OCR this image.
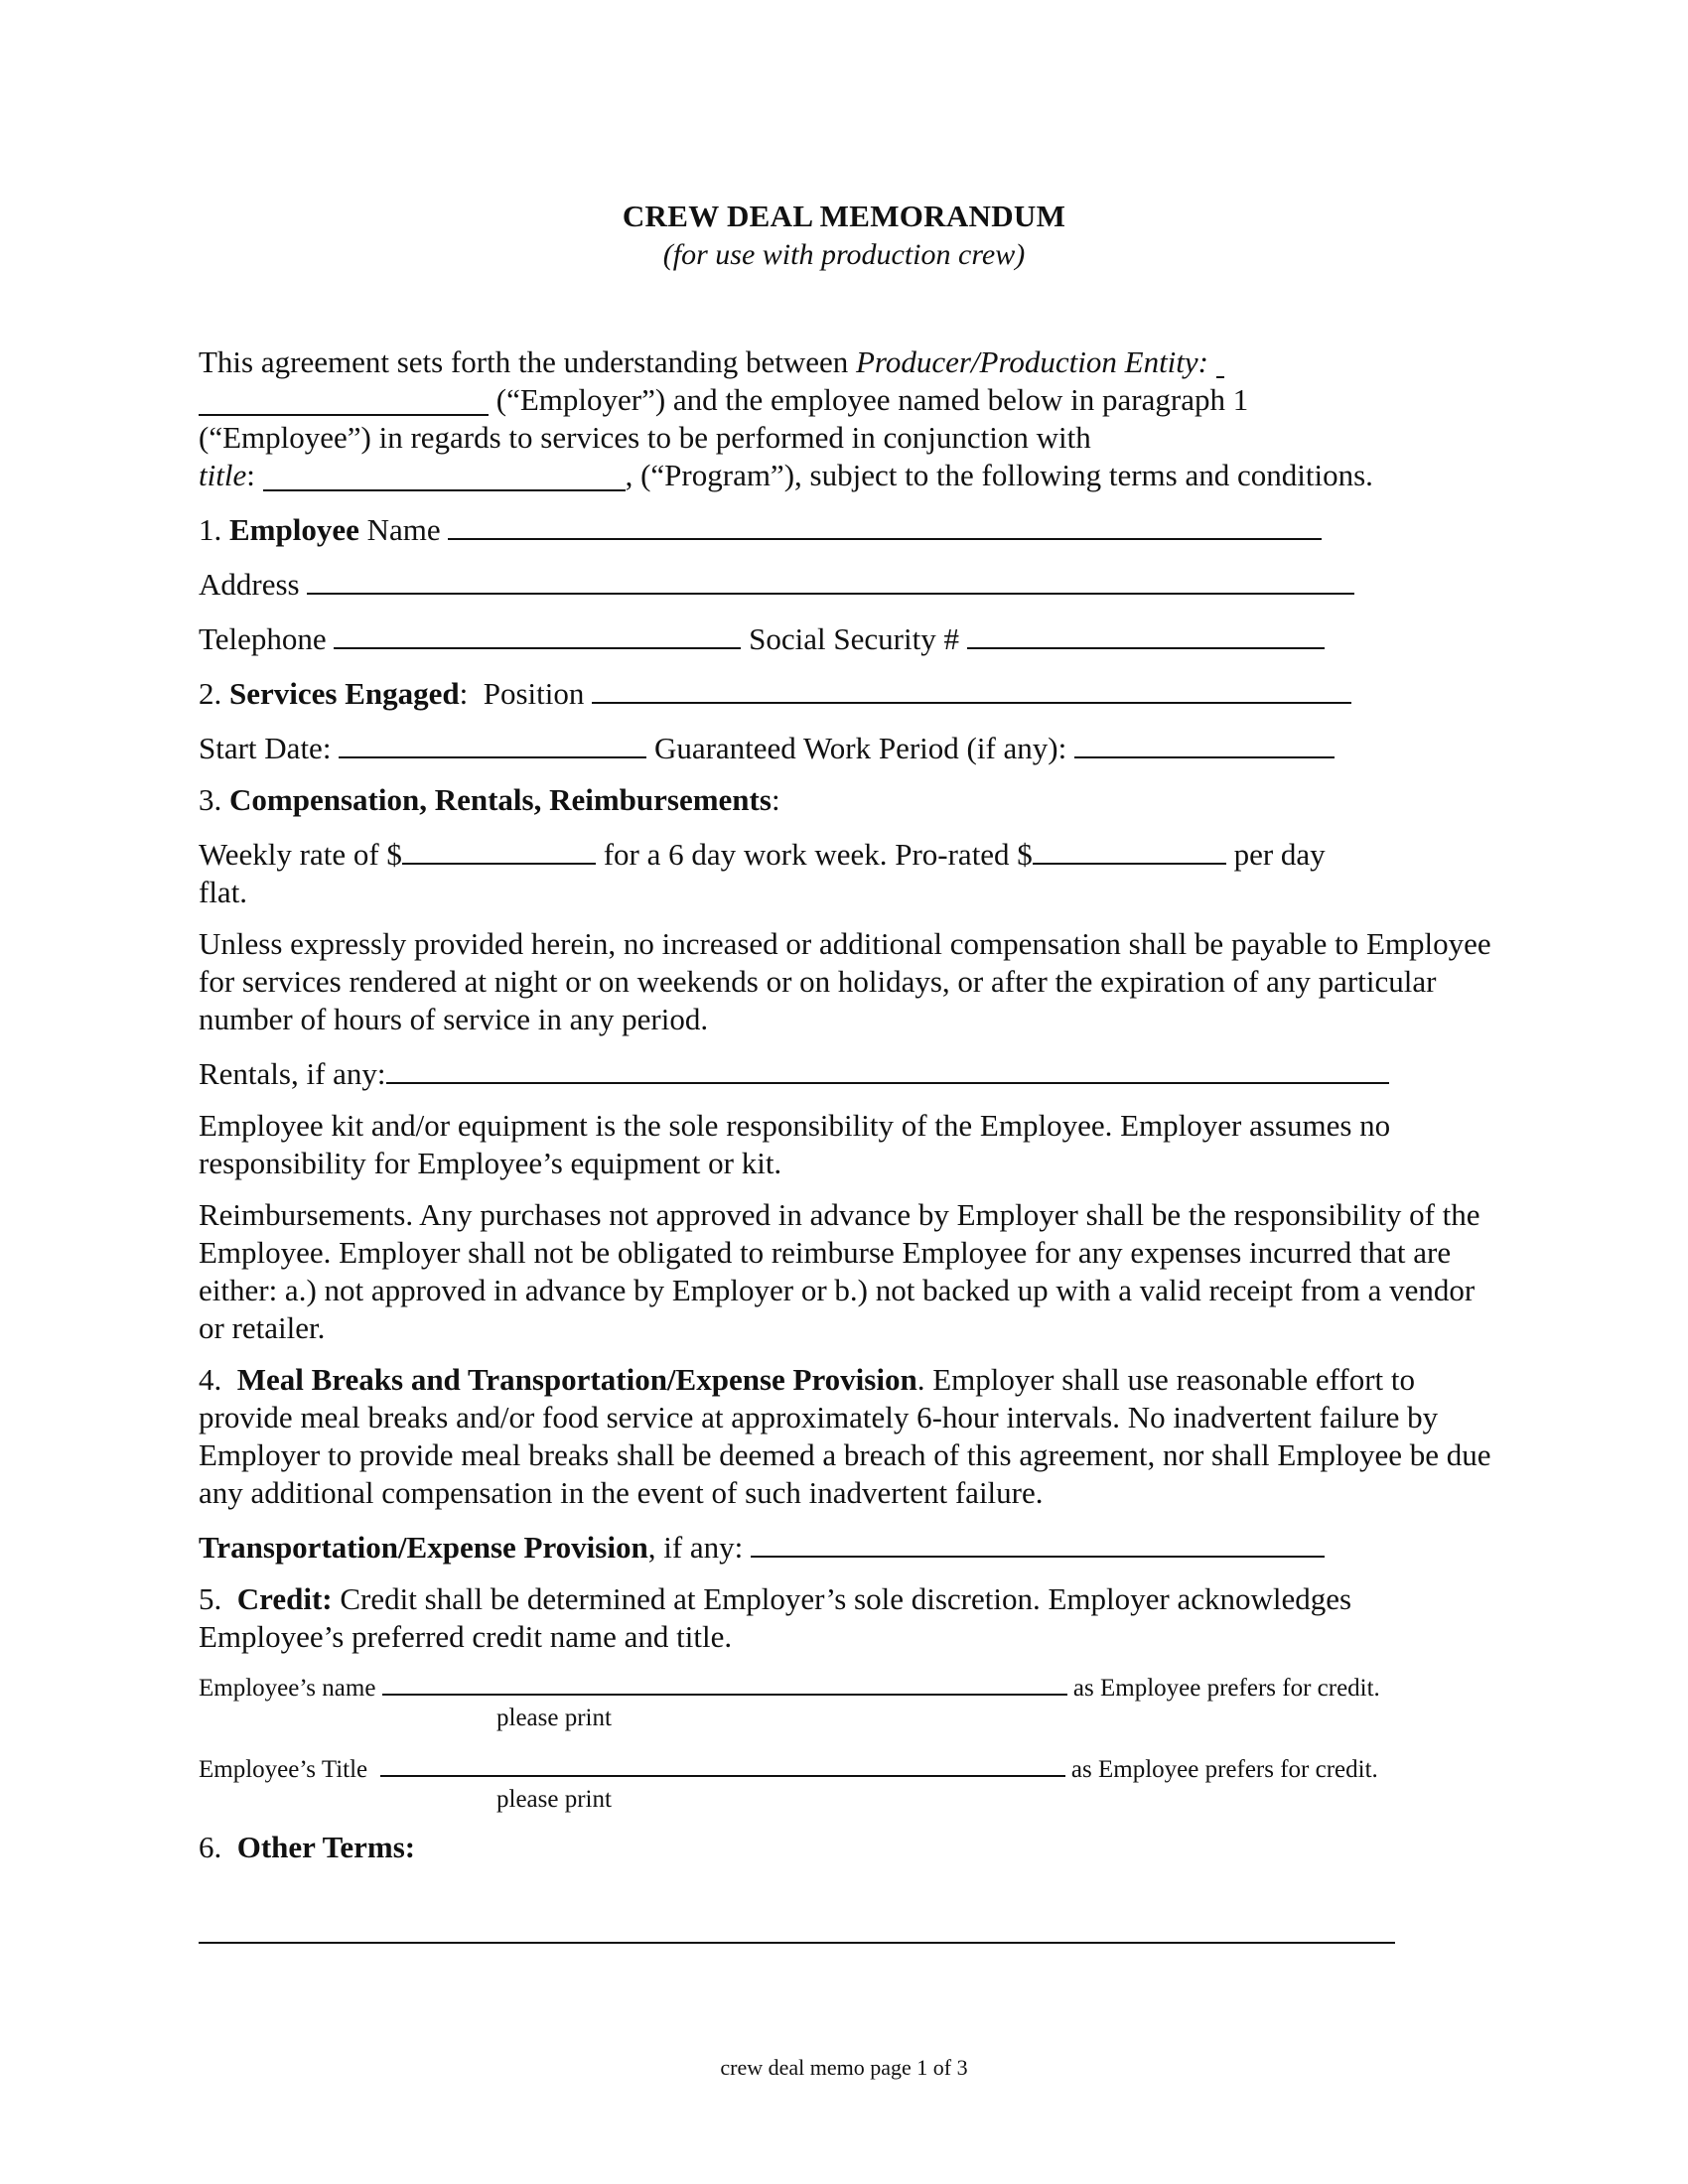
CREW DEAL MEMORANDUM
(for use with production crew)

This agreement sets forth the understanding between Producer/Production Entity:

(“Employer”) and the employee named below in paragraph 1

(“Employee”) in regards to services to be performed in conjunction with

title:	, (“Program”), subject to the following terms and conditions.

1.
Employee
Name

Address

Telephone

	Social Security #

2.
Services Engaged :
Position

Start Date:

	Guaranteed Work Period (if any):

3. Compensation, Rentals, Reimbursements:

Weekly rate of $
	for a 6 day work week. Pro-rated $
	per day

flat.

Unless expressly provided herein, no increased or additional compensation shall be payable to Employee for services rendered at night or on weekends or on holidays, or after the expiration of any particular number of hours of service in any period.

Rentals, if any:

Employee kit and/or equipment is the sole responsibility of the Employee. Employer assumes no responsibility for Employee’s equipment or kit.

Reimbursements. Any purchases not approved in advance by Employer shall be the responsibility of the Employee. Employer shall not be obligated to reimburse Employee for any expenses incurred that are either: a.) not approved in advance by Employer or b.) not backed up with a valid receipt from a vendor or retailer.

4. Meal Breaks and Transportation/Expense Provision. Employer shall use reasonable effort to provide meal breaks and/or food service at approximately 6-hour intervals. No inadvertent failure by Employer to provide meal breaks shall be deemed a breach of this agreement, nor shall Employee be due any additional compensation in the event of such inadvertent failure.

Transportation/Expense Provision , if any:

5. Credit: Credit shall be determined at Employer’s sole discretion. Employer acknowledges Employee’s preferred credit name and title.

Employee’s name

	as Employee prefers for credit.
please print
Employee’s Title

	as Employee prefers for credit.
please print

6. Other Terms:

crew deal memo page 1 of 3
